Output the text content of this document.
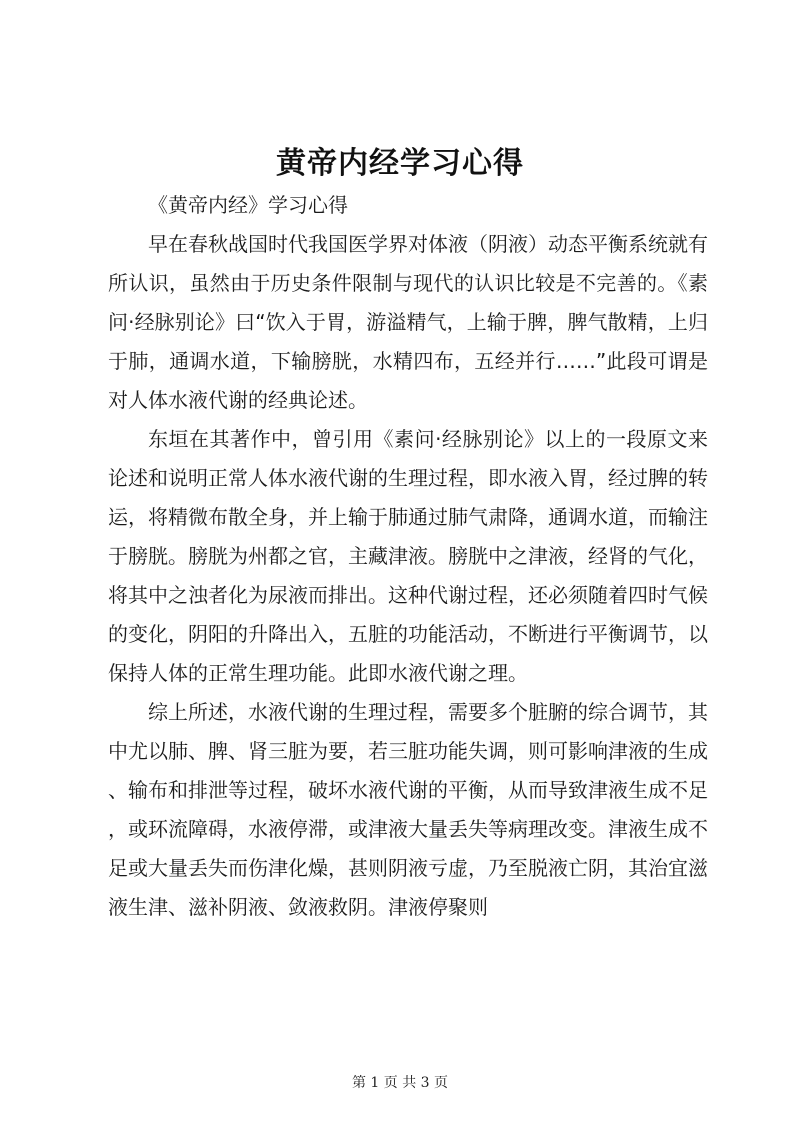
黄帝内经学习心得

《黄帝内经》学习心得

早在春秋战国时代我国医学界对体液（阴液）动态平衡系统就有所认识，虽然由于历史条件限制与现代的认识比较是不完善的。《素问·经脉别论》曰“饮入于胃，游溢精气，上输于脾，脾气散精，上归于肺，通调水道，下输膀胱，水精四布，五经并行……”此段可谓是对人体水液代谢的经典论述。

东垣在其著作中，曾引用《素问·经脉别论》以上的一段原文来论述和说明正常人体水液代谢的生理过程，即水液入胃，经过脾的转运，将精微布散全身，并上输于肺通过肺气肃降，通调水道，而输注于膀胱。膀胱为州都之官，主藏津液。膀胱中之津液，经肾的气化，将其中之浊者化为尿液而排出。这种代谢过程，还必须随着四时气候的变化，阴阳的升降出入，五脏的功能活动，不断进行平衡调节，以保持人体的正常生理功能。此即水液代谢之理。

综上所述，水液代谢的生理过程，需要多个脏腑的综合调节，其中尤以肺、脾、肾三脏为要，若三脏功能失调，则可影响津液的生成、输布和排泄等过程，破坏水液代谢的平衡，从而导致津液生成不足，或环流障碍，水液停滞，或津液大量丢失等病理改变。津液生成不足或大量丢失而伤津化燥，甚则阴液亏虚，乃至脱液亡阴，其治宜滋液生津、滋补阴液、敛液救阴。津液停聚则

第 1 页 共 3 页
